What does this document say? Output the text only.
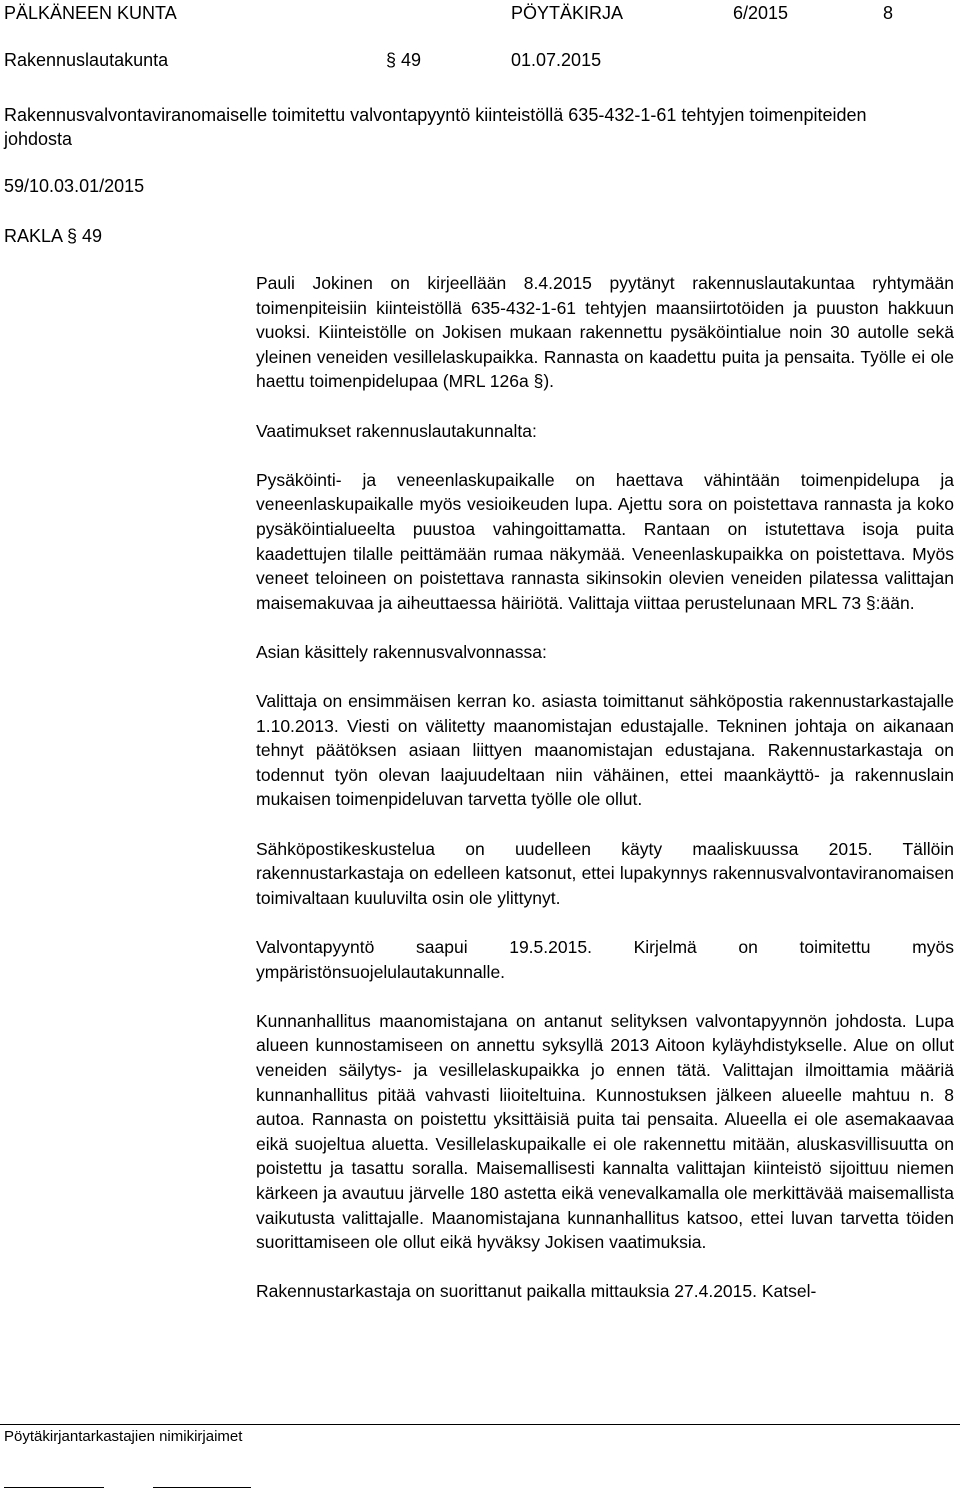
PÄLKÄNEEN KUNTA	PÖYTÄKIRJA	6/2015	8
Rakennuslautakunta	§ 49	01.07.2015
Rakennusvalvontaviranomaiselle toimitettu valvontapyyntö kiinteistöllä 635-432-1-61 tehtyjen toimenpiteiden johdosta
59/10.03.01/2015
RAKLA § 49

Pauli Jokinen on kirjeellään 8.4.2015 pyytänyt rakennuslautakuntaa ryhtymään toimenpiteisiin kiinteistöllä 635-432-1-61 tehtyjen maansiirtotöiden ja puuston hakkuun vuoksi. Kiinteistölle on Jokisen mukaan rakennettu pysäköintialue noin 30 autolle sekä yleinen veneiden vesillelaskupaikka. Rannasta on kaadettu puita ja pensaita. Työlle ei ole haettu toimenpidelupaa (MRL 126a §).

Vaatimukset rakennuslautakunnalta:

Pysäköinti- ja veneenlaskupaikalle on haettava vähintään toimenpidelupa ja veneenlaskupaikalle myös vesioikeuden lupa. Ajettu sora on poistettava rannasta ja koko pysäköintialueelta puustoa vahingoittamatta. Rantaan on istutettava isoja puita kaadettujen tilalle peittämään rumaa näkymää. Veneenlaskupaikka on poistettava. Myös veneet teloineen on poistettava rannasta sikinsokin olevien veneiden pilatessa valittajan maisemakuvaa ja aiheuttaessa häiriötä. Valittaja viittaa perustelunaan MRL 73 §:ään.

Asian käsittely rakennusvalvonnassa:

Valittaja on ensimmäisen kerran ko. asiasta toimittanut sähköpostia rakennustarkastajalle 1.10.2013. Viesti on välitetty maanomistajan edustajalle. Tekninen johtaja on aikanaan tehnyt päätöksen asiaan liittyen maanomistajan edustajana. Rakennustarkastaja on todennut työn olevan laajuudeltaan niin vähäinen, ettei maankäyttö- ja rakennuslain mukaisen toimenpideluvan tarvetta työlle ole ollut.

Sähköpostikeskustelua on uudelleen käyty maaliskuussa 2015. Tällöin rakennustarkastaja on edelleen katsonut, ettei lupakynnys rakennusvalvontaviranomaisen toimivaltaan kuuluvilta osin ole ylittynyt.

Valvontapyyntö saapui 19.5.2015. Kirjelmä on toimitettu myös ympäristönsuojelulautakunnalle.

Kunnanhallitus maanomistajana on antanut selityksen valvontapyynnön johdosta. Lupa alueen kunnostamiseen on annettu syksyllä 2013 Aitoon kyläyhdistykselle. Alue on ollut veneiden säilytys- ja vesillelaskupaikka jo ennen tätä. Valittajan ilmoittamia määriä kunnanhallitus pitää vahvasti liioiteltuina. Kunnostuksen jälkeen alueelle mahtuu n. 8 autoa. Rannasta on poistettu yksittäisiä puita tai pensaita. Alueella ei ole asemakaavaa eikä suojeltua aluetta. Vesillelaskupaikalle ei ole rakennettu mitään, aluskasvillisuutta on poistettu ja tasattu soralla. Maisemallisesti kannalta valittajan kiinteistö sijoittuu niemen kärkeen ja avautuu järvelle 180 astetta eikä venevalkamalla ole merkittävää maisemallista vaikutusta valittajalle. Maanomistajana kunnanhallitus katsoo, ettei luvan tarvetta töiden suorittamiseen ole ollut eikä hyväksy Jokisen vaatimuksia.

Rakennustarkastaja on suorittanut paikalla mittauksia 27.4.2015. Katsel-

Pöytäkirjantarkastajien nimikirjaimet
